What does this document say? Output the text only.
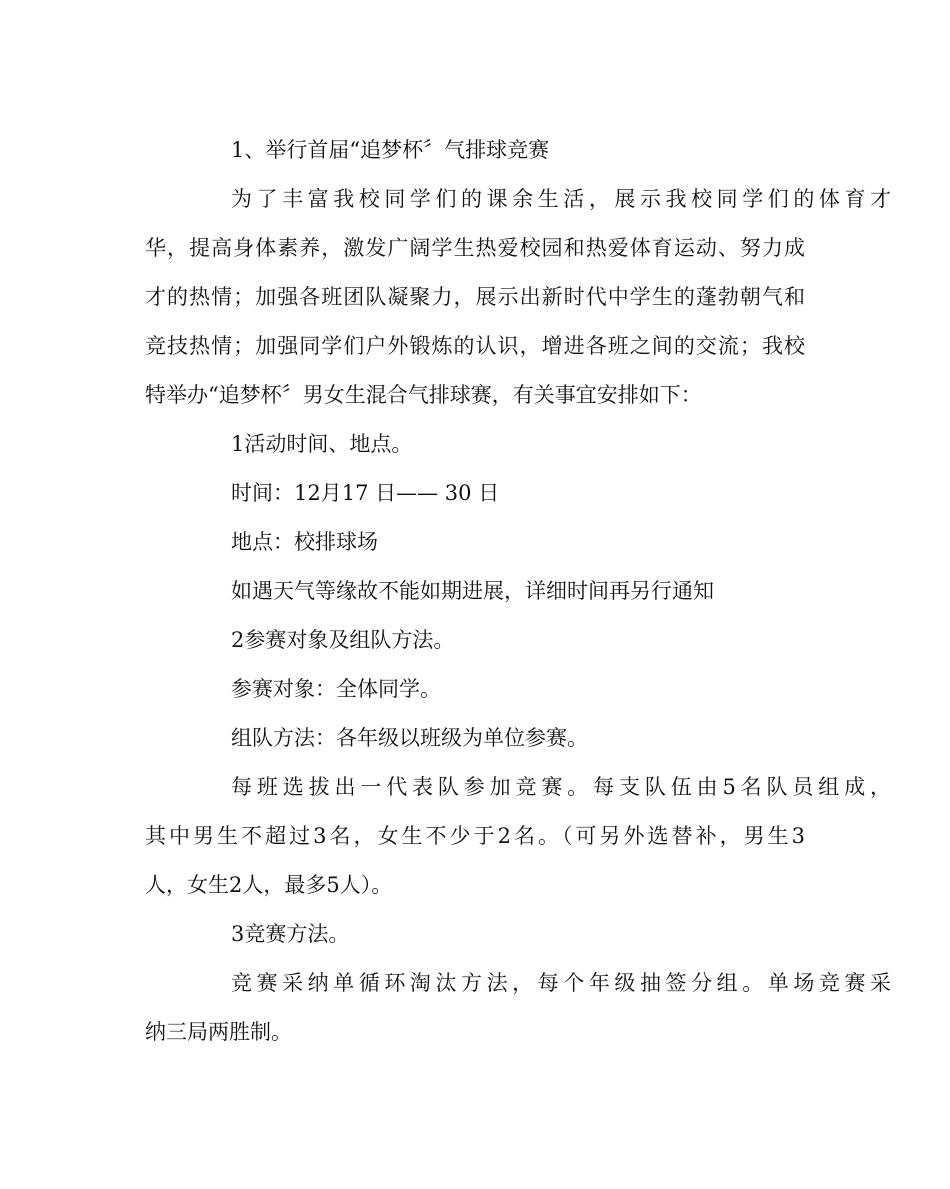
1、举行首届“追梦杯〞气排球竞赛
为了丰富我校同学们的课余生活，展示我校同学们的体育才
华，提高身体素养，激发广阔学生热爱校园和热爱体育运动、努力成
才的热情；加强各班团队凝聚力，展示出新时代中学生的蓬勃朝气和
竞技热情；加强同学们户外锻炼的认识，增进各班之间的交流；我校
特举办“追梦杯〞男女生混合气排球赛，有关事宜安排如下：
1活动时间、地点。
时间：12月17 日—— 30 日
地点：校排球场
如遇天气等缘故不能如期进展，详细时间再另行通知
2参赛对象及组队方法。
参赛对象：全体同学。
组队方法：各年级以班级为单位参赛。
每班选拔出一代表队参加竞赛。每支队伍由5名队员组成，
其中男生不超过3名，女生不少于2名。（可另外选替补，男生3
人，女生2人，最多5人）。
3竞赛方法。
竞赛采纳单循环淘汰方法，每个年级抽签分组。单场竞赛采
纳三局两胜制。
